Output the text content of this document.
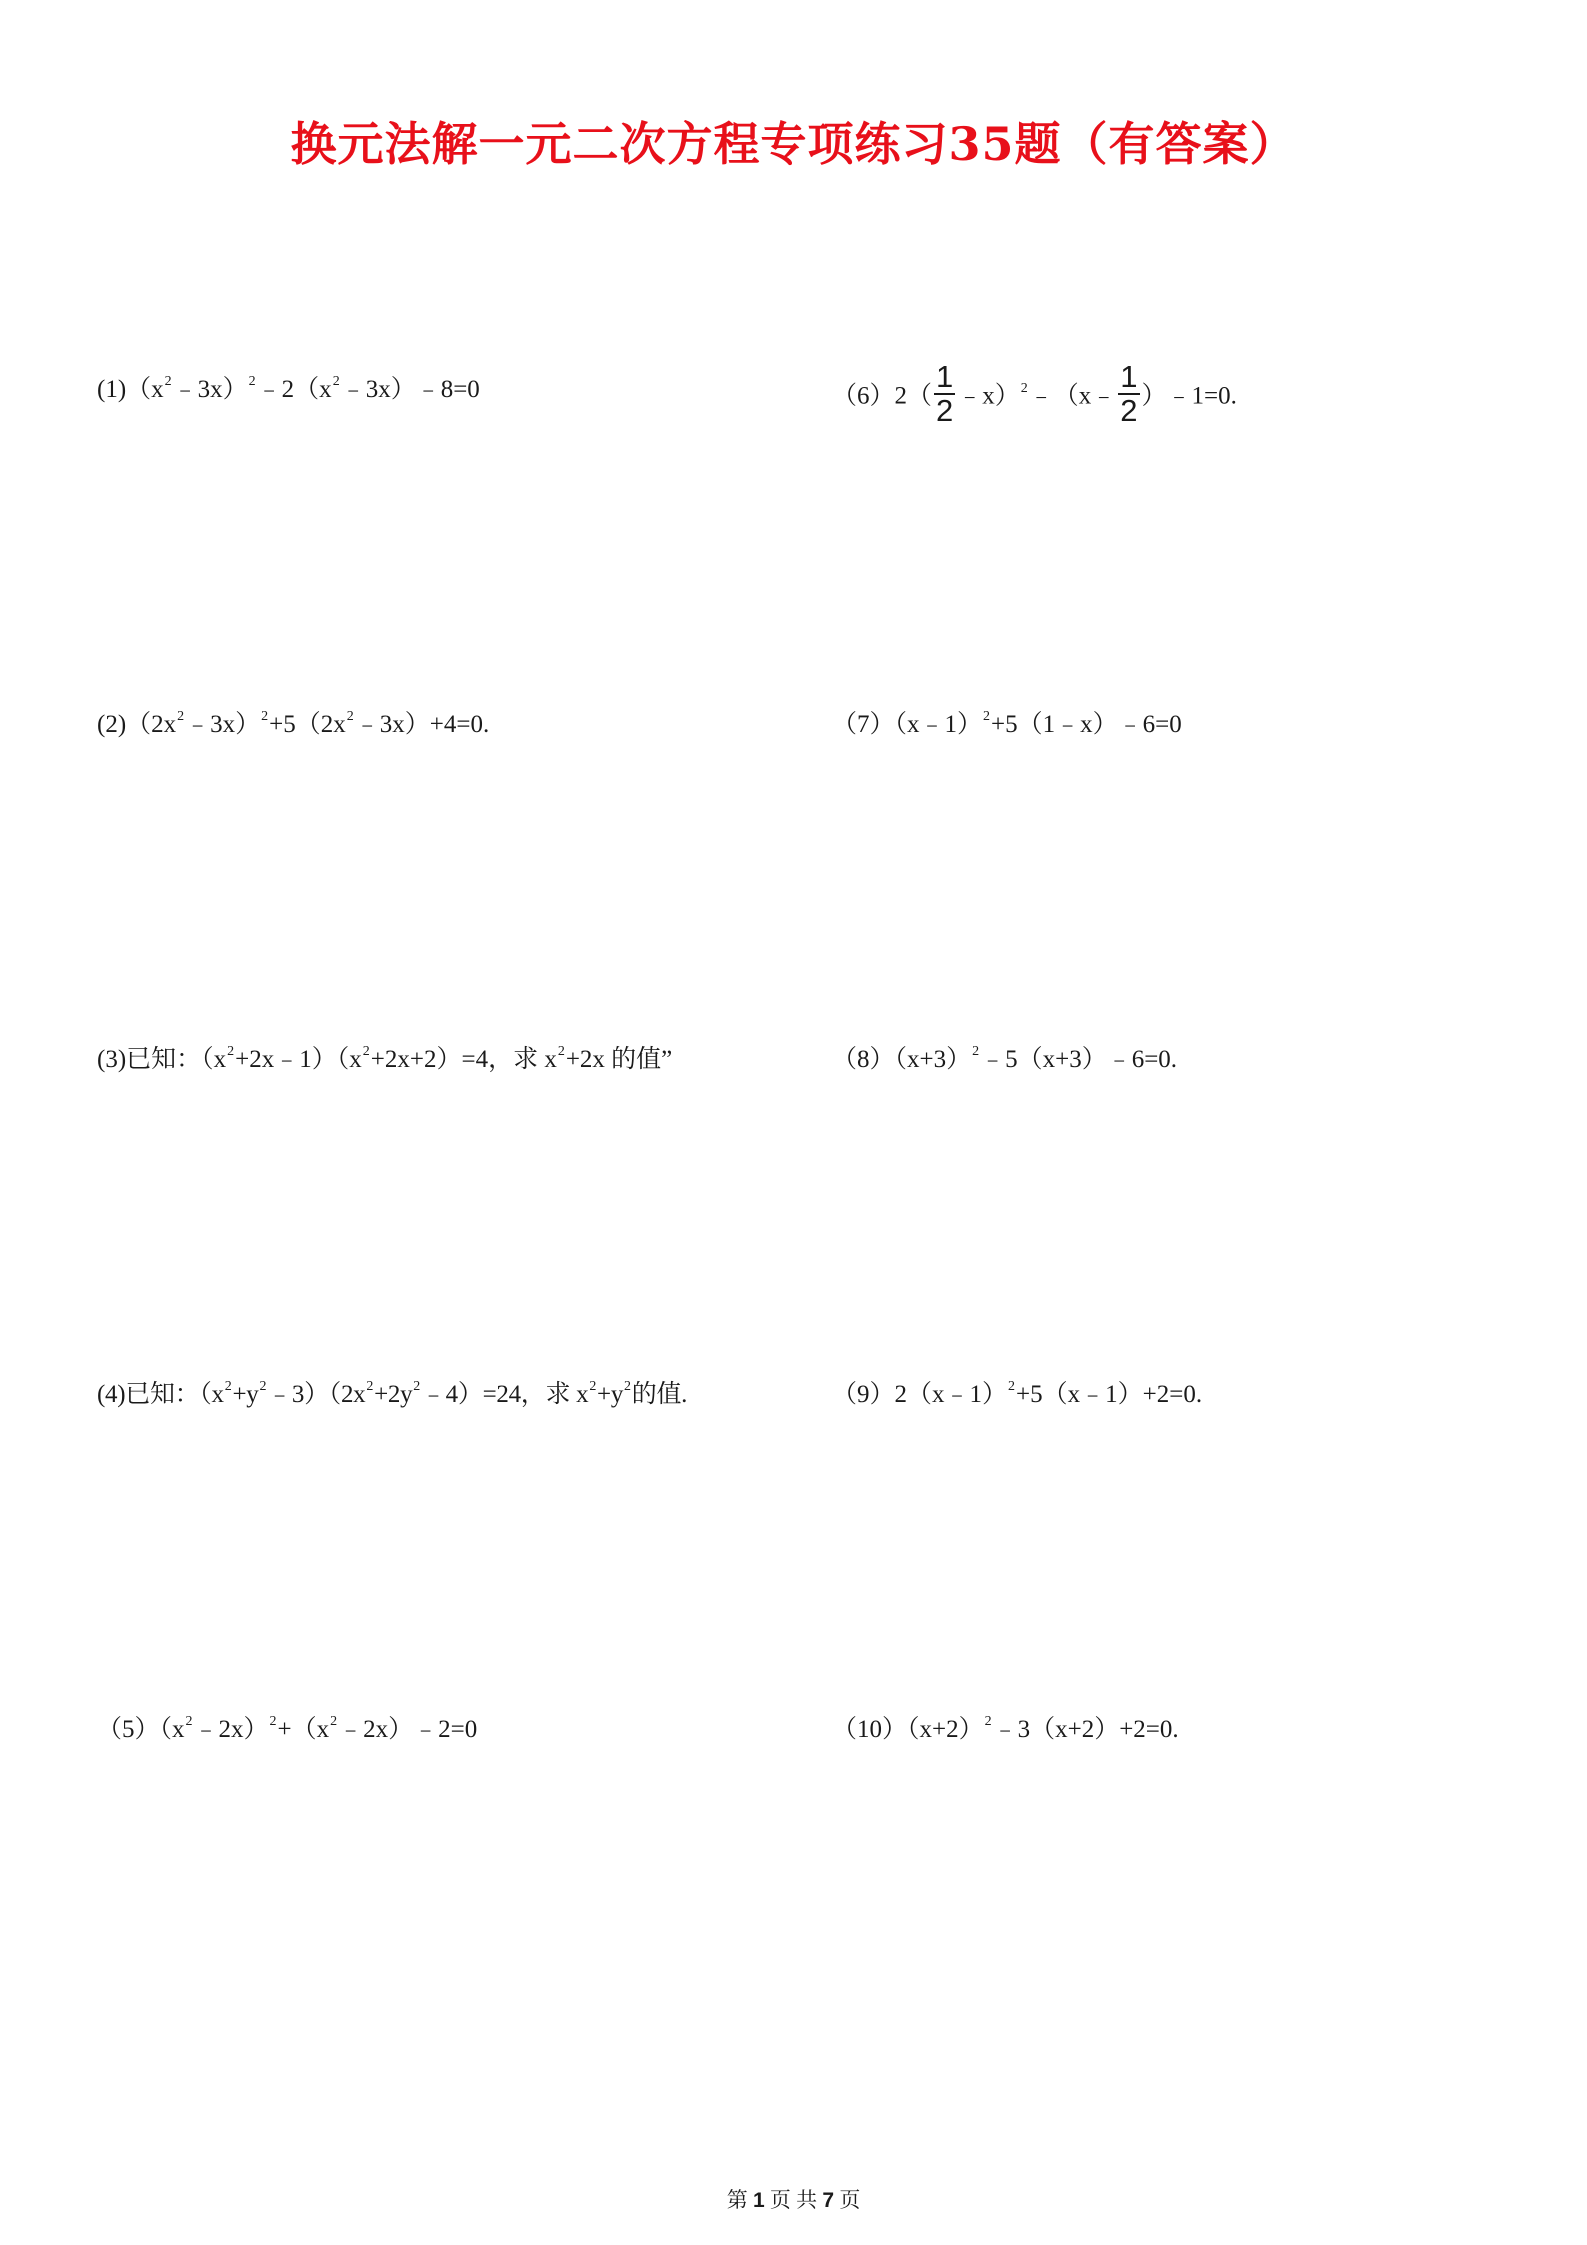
换元法解一元二次方程专项练习35题（有答案）
$(1)(x^2﹣3x)^2﹣2(x^2﹣3x)﹣8=0$
$(2)(2x^2﹣3x)^2+5(2x^2﹣3x)+4=0$.
(3)已知：$(x^2+2x﹣1)(x^2+2x+2)=4$，求 $x^2+2x$ 的值”
(4)已知：$(x^2+y^2﹣3)(2x^2+2y^2﹣4)=24$，求 $x^2+y^2$的值.
$(5)(x^2﹣2x)^2+(x^2﹣2x)﹣2=0$
$(6)2( \frac{1}{2}$ ﹣x）$^2$﹣（x﹣ $\frac{1}{2}$ ）﹣1=0.
（7）（x﹣1）$^2$+5（1﹣x）﹣6=0
$(8)(x+3)^2﹣5(x+3)﹣6=0$.
（9）2（x﹣1）$^2$+5（x﹣1）+2=0.
$(10)(x+2)^2﹣3(x+2)+2=0$.
第 1 页 共 7 页
